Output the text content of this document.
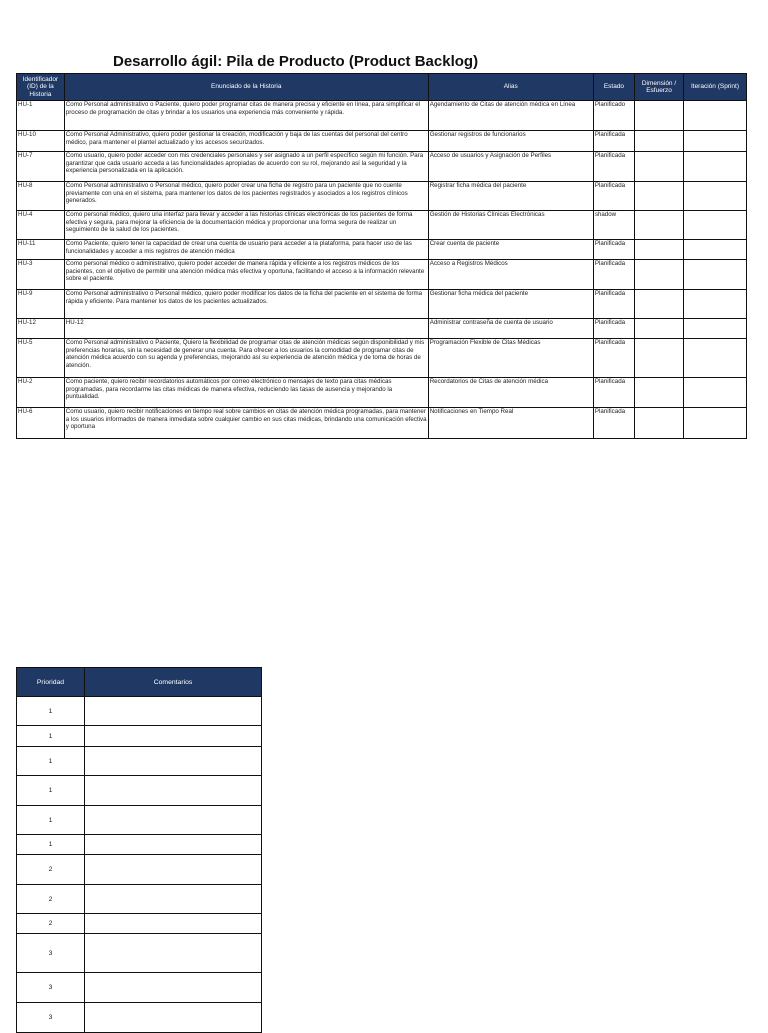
Desarrollo ágil: Pila de Producto (Product Backlog)
Identificador (ID) de la Historia	Enunciado de la Historia	Alias	Estado	Dimensión / Esfuerzo	Iteración (Sprint)
HU-1	Como Personal administrativo o Paciente, quiero poder programar citas de manera precisa y eficiente en línea, para simplificar el proceso de programación de citas y brindar a los usuarios una experiencia más conveniente y rápida.	Agendamiento de Citas de atención médica en Línea	Planificado		
HU-10	Como Personal Administrativo, quiero poder gestionar la creación, modificación y baja de las cuentas del personal del centro médico, para mantener el plantel actualizado y los accesos securizados.	Gestionar registros de funcionarios	Planificada		
HU-7	Como usuario, quiero poder acceder con mis credenciales personales y ser asignado a un perfil específico según mi función. Para garantizar que cada usuario acceda a las funcionalidades apropiadas de acuerdo con su rol, mejorando así la seguridad y la experiencia personalizada en la aplicación.	Acceso de usuarios y Asignación de Perfiles	Planificada		
HU-8	Como Personal administrativo o Personal médico, quiero poder crear una ficha de registro para un paciente que no cuente previamente con una en el sistema, para mantener los datos de los pacientes registrados y asociados a los registros clínicos generados.	Registrar ficha médica del paciente	Planificada		
HU-4	Como personal médico, quiero una interfaz para llevar y acceder a las historias clínicas electrónicas de los pacientes de forma efectiva y segura, para mejorar la eficiencia de la documentación médica y proporcionar una forma segura de realizar un seguimiento de la salud de los pacientes.	Gestión de Historias Clínicas Electrónicas	shadow		
HU-11	Como Paciente, quiero tener la capacidad de crear una cuenta de usuario para acceder a la plataforma, para hacer uso de las funcionalidades y acceder a mis registros de atención médica	Crear cuenta de paciente	Planificada		
HU-3	Como personal médico o administrativo, quiero poder acceder de manera rápida y eficiente a los registros médicos de los pacientes, con el objetivo de permitir una atención médica más efectiva y oportuna, facilitando el acceso a la información relevante sobre el paciente.	Acceso a Registros Médicos	Planificada		
HU-9	Como Personal administrativo o Personal médico, quiero poder modificar los datos de la ficha del paciente en el sistema de forma rápida y eficiente. Para mantener los datos de los pacientes actualizados.	Gestionar ficha médica del paciente	Planificada		
HU-12	HU-12	Administrar contraseña de cuenta de usuario	Planificada		
HU-5	Como Personal administrativo o Paciente, Quiero la flexibilidad de programar citas de atención médicas según disponibilidad y mis preferencias horarias, sin la necesidad de generar una cuenta. Para ofrecer a los usuarios la comodidad de programar citas de atención médica acuerdo con su agenda y preferencias, mejorando así su experiencia de atención médica y de toma de horas de atención.	Programación Flexible de Citas Médicas	Planificada		
HU-2	Como paciente, quiero recibir recordatorios automáticos por correo electrónico o mensajes de texto para citas médicas programadas, para recordarme las citas médicas de manera efectiva, reduciendo las tasas de ausencia y mejorando la puntualidad.	Recordatorios de Citas de atención médica	Planificada		
HU-6	Como usuario, quiero recibir notificaciones en tiempo real sobre cambios en citas de atención médica programadas, para mantener a los usuarios informados de manera inmediata sobre cualquier cambio en sus citas médicas, brindando una comunicación efectiva y oportuna	Notificaciones en Tiempo Real	Planificada		
Prioridad	Comentarios
1	
1	
1	
1	
1	
1	
2	
2	
2	
3	
3	
3	
